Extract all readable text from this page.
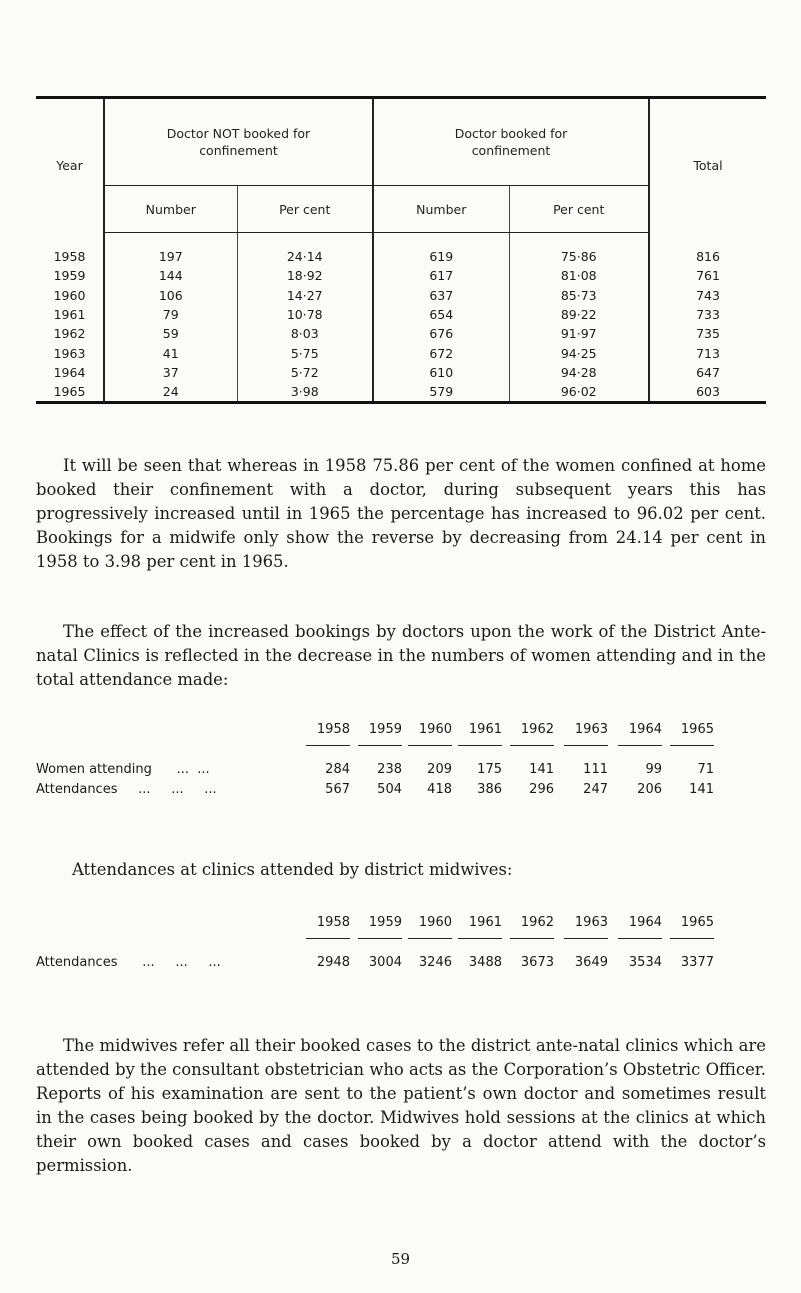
Year	Doctor NOT booked for confinement		Doctor booked for confinement		Total
	Number	Per cent	Number	Per cent	
1958	197	24·14	619	75·86	816
1959	144	18·92	617	81·08	761
1960	106	14·27	637	85·73	743
1961	79	10·78	654	89·22	733
1962	59	8·03	676	91·97	735
1963	41	5·75	672	94·25	713
1964	37	5·72	610	94·28	647
1965	24	3·98	579	96·02	603

It will be seen that whereas in 1958 75.86 per cent of the women confined at home booked their confinement with a doctor, during subsequent years this has progressively increased until in 1965 the percentage has increased to 96.02 per cent. Bookings for a midwife only show the reverse by decreasing from 24.14 per cent in 1958 to 3.98 per cent in 1965.

The effect of the increased bookings by doctors upon the work of the District Ante-natal Clinics is reflected in the decrease in the numbers of women attending and in the total attendance made:

1958	1959	1960	1961	1962	1963	1964	1965
Women attending      ...  ...	284	238	209	175	141	111	99	71
Attendances     ...     ...     ...	567	504	418	386	296	247	206	141

Attendances at clinics attended by district midwives:

1958	1959	1960	1961	1962	1963	1964	1965
Attendances      ...     ...     ...	2948	3004	3246	3488	3673	3649	3534	3377

The midwives refer all their booked cases to the district ante-natal clinics which are attended by the consultant obstetrician who acts as the Corporation’s Obstetric Officer. Reports of his examination are sent to the patient’s own doctor and sometimes result in the cases being booked by the doctor. Midwives hold sessions at the clinics at which their own booked cases and cases booked by a doctor attend with the doctor’s permission.

59
